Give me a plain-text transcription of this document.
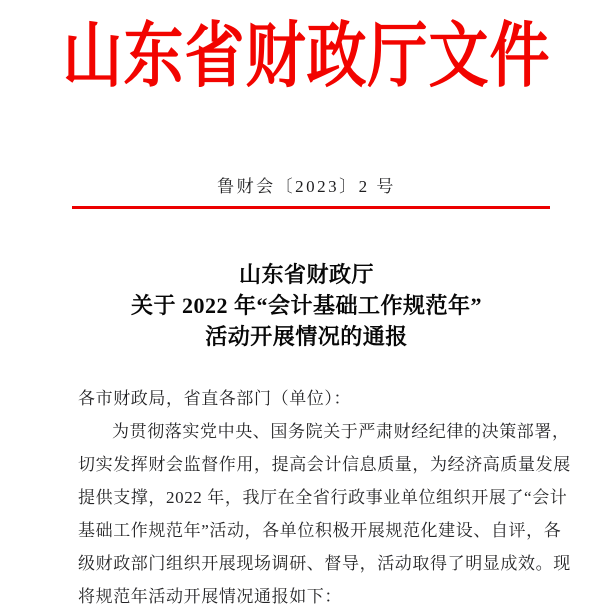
山东省财政厅文件
鲁财会〔2023〕2 号
山东省财政厅
关于 2022 年“会计基础工作规范年”
活动开展情况的通报
各市财政局，省直各部门（单位）：
为贯彻落实党中央、国务院关于严肃财经纪律的决策部署，
切实发挥财会监督作用，提高会计信息质量，为经济高质量发展
提供支撑，2022 年，我厅在全省行政事业单位组织开展了“会计
基础工作规范年”活动，各单位积极开展规范化建设、自评，各
级财政部门组织开展现场调研、督导，活动取得了明显成效。现
将规范年活动开展情况通报如下：
